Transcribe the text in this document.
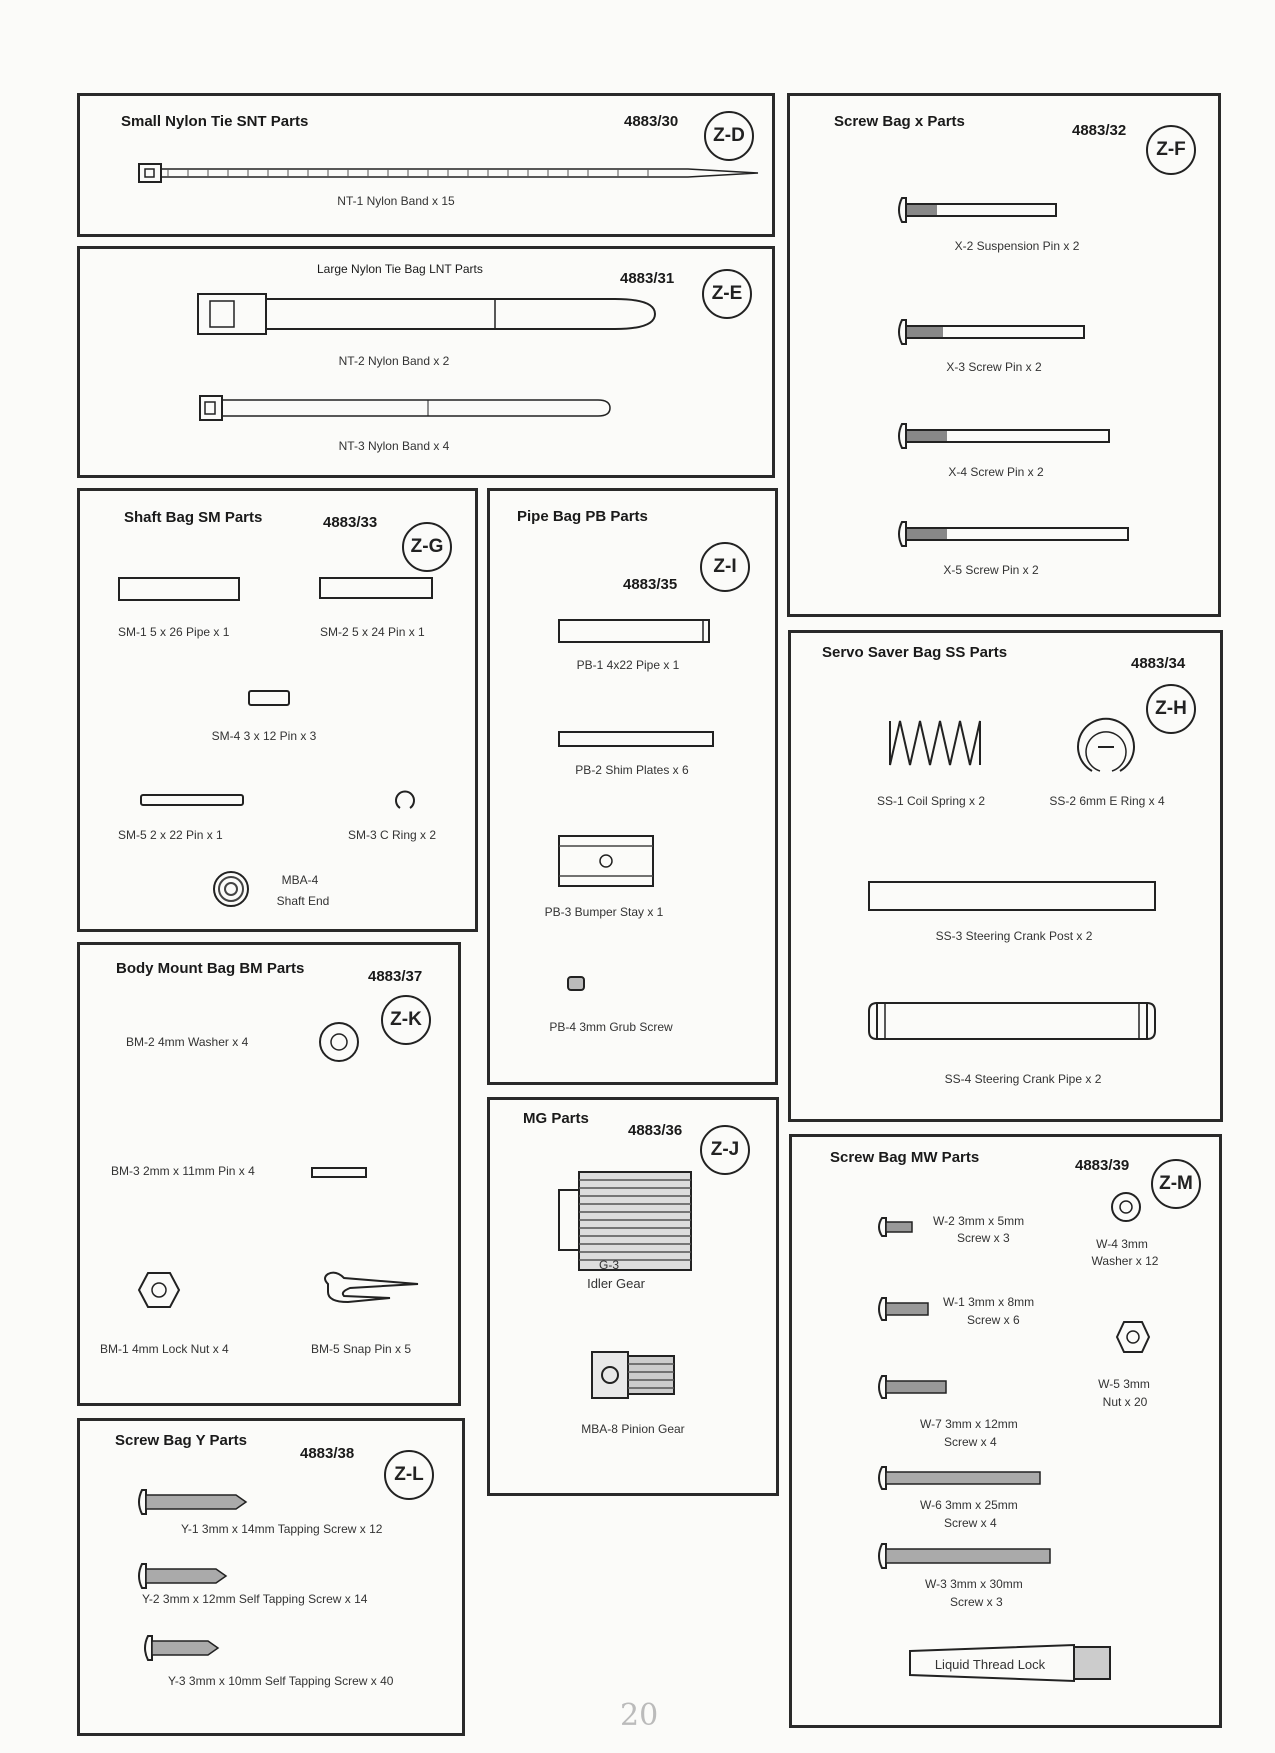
Small Nylon Tie SNT Parts	4883/30
Z-D
NT-1 Nylon Band x 15
Large Nylon Tie Bag LNT Parts
4883/31
Z-E
NT-2 Nylon Band x 2
NT-3 Nylon Band x 4
Screw Bag x Parts
4883/32
Z-F
X-2 Suspension Pin x 2
X-3 Screw Pin x 2
X-4 Screw Pin x 2
X-5 Screw Pin x 2
Shaft Bag SM Parts	4883/33
Z-G
SM-1 5 x 26 Pipe x 1	SM-2 5 x 24 Pin x 1
SM-4 3 x 12 Pin x 3
SM-5 2 x 22 Pin x 1	SM-3 C Ring x 2
MBA-4
Shaft End
Pipe Bag PB Parts
4883/35
Z-I
PB-1 4x22 Pipe x 1
PB-2 Shim Plates x 6
PB-3 Bumper Stay x 1
PB-4 3mm Grub Screw
Servo Saver Bag SS Parts
4883/34
Z-H
SS-1 Coil Spring x 2	SS-2 6mm E Ring x 4
SS-3 Steering Crank Post x 2
SS-4 Steering Crank Pipe x 2
Body Mount Bag BM Parts	4883/37
Z-K
BM-2 4mm Washer x 4
BM-3 2mm x 11mm Pin x 4
BM-1 4mm Lock Nut x 4	BM-5 Snap Pin x 5
MG Parts
4883/36
Z-J
G-3
Idler Gear
MBA-8 Pinion Gear
Screw Bag MW Parts	4883/39
Z-M
W-2 3mm x 5mm
Screw x 3	W-4 3mm
Washer x 12
W-1 3mm x 8mm
Screw x 6
W-5 3mm
Nut x 20
W-7 3mm x 12mm
Screw x 4
W-6 3mm x 25mm
Screw x 4
W-3 3mm x 30mm
Screw x 3
Liquid Thread Lock
Screw Bag Y Parts
4883/38
Z-L
Y-1 3mm x 14mm Tapping Screw x 12
Y-2 3mm x 12mm Self Tapping Screw x 14
Y-3 3mm x 10mm Self Tapping Screw x 40
20
